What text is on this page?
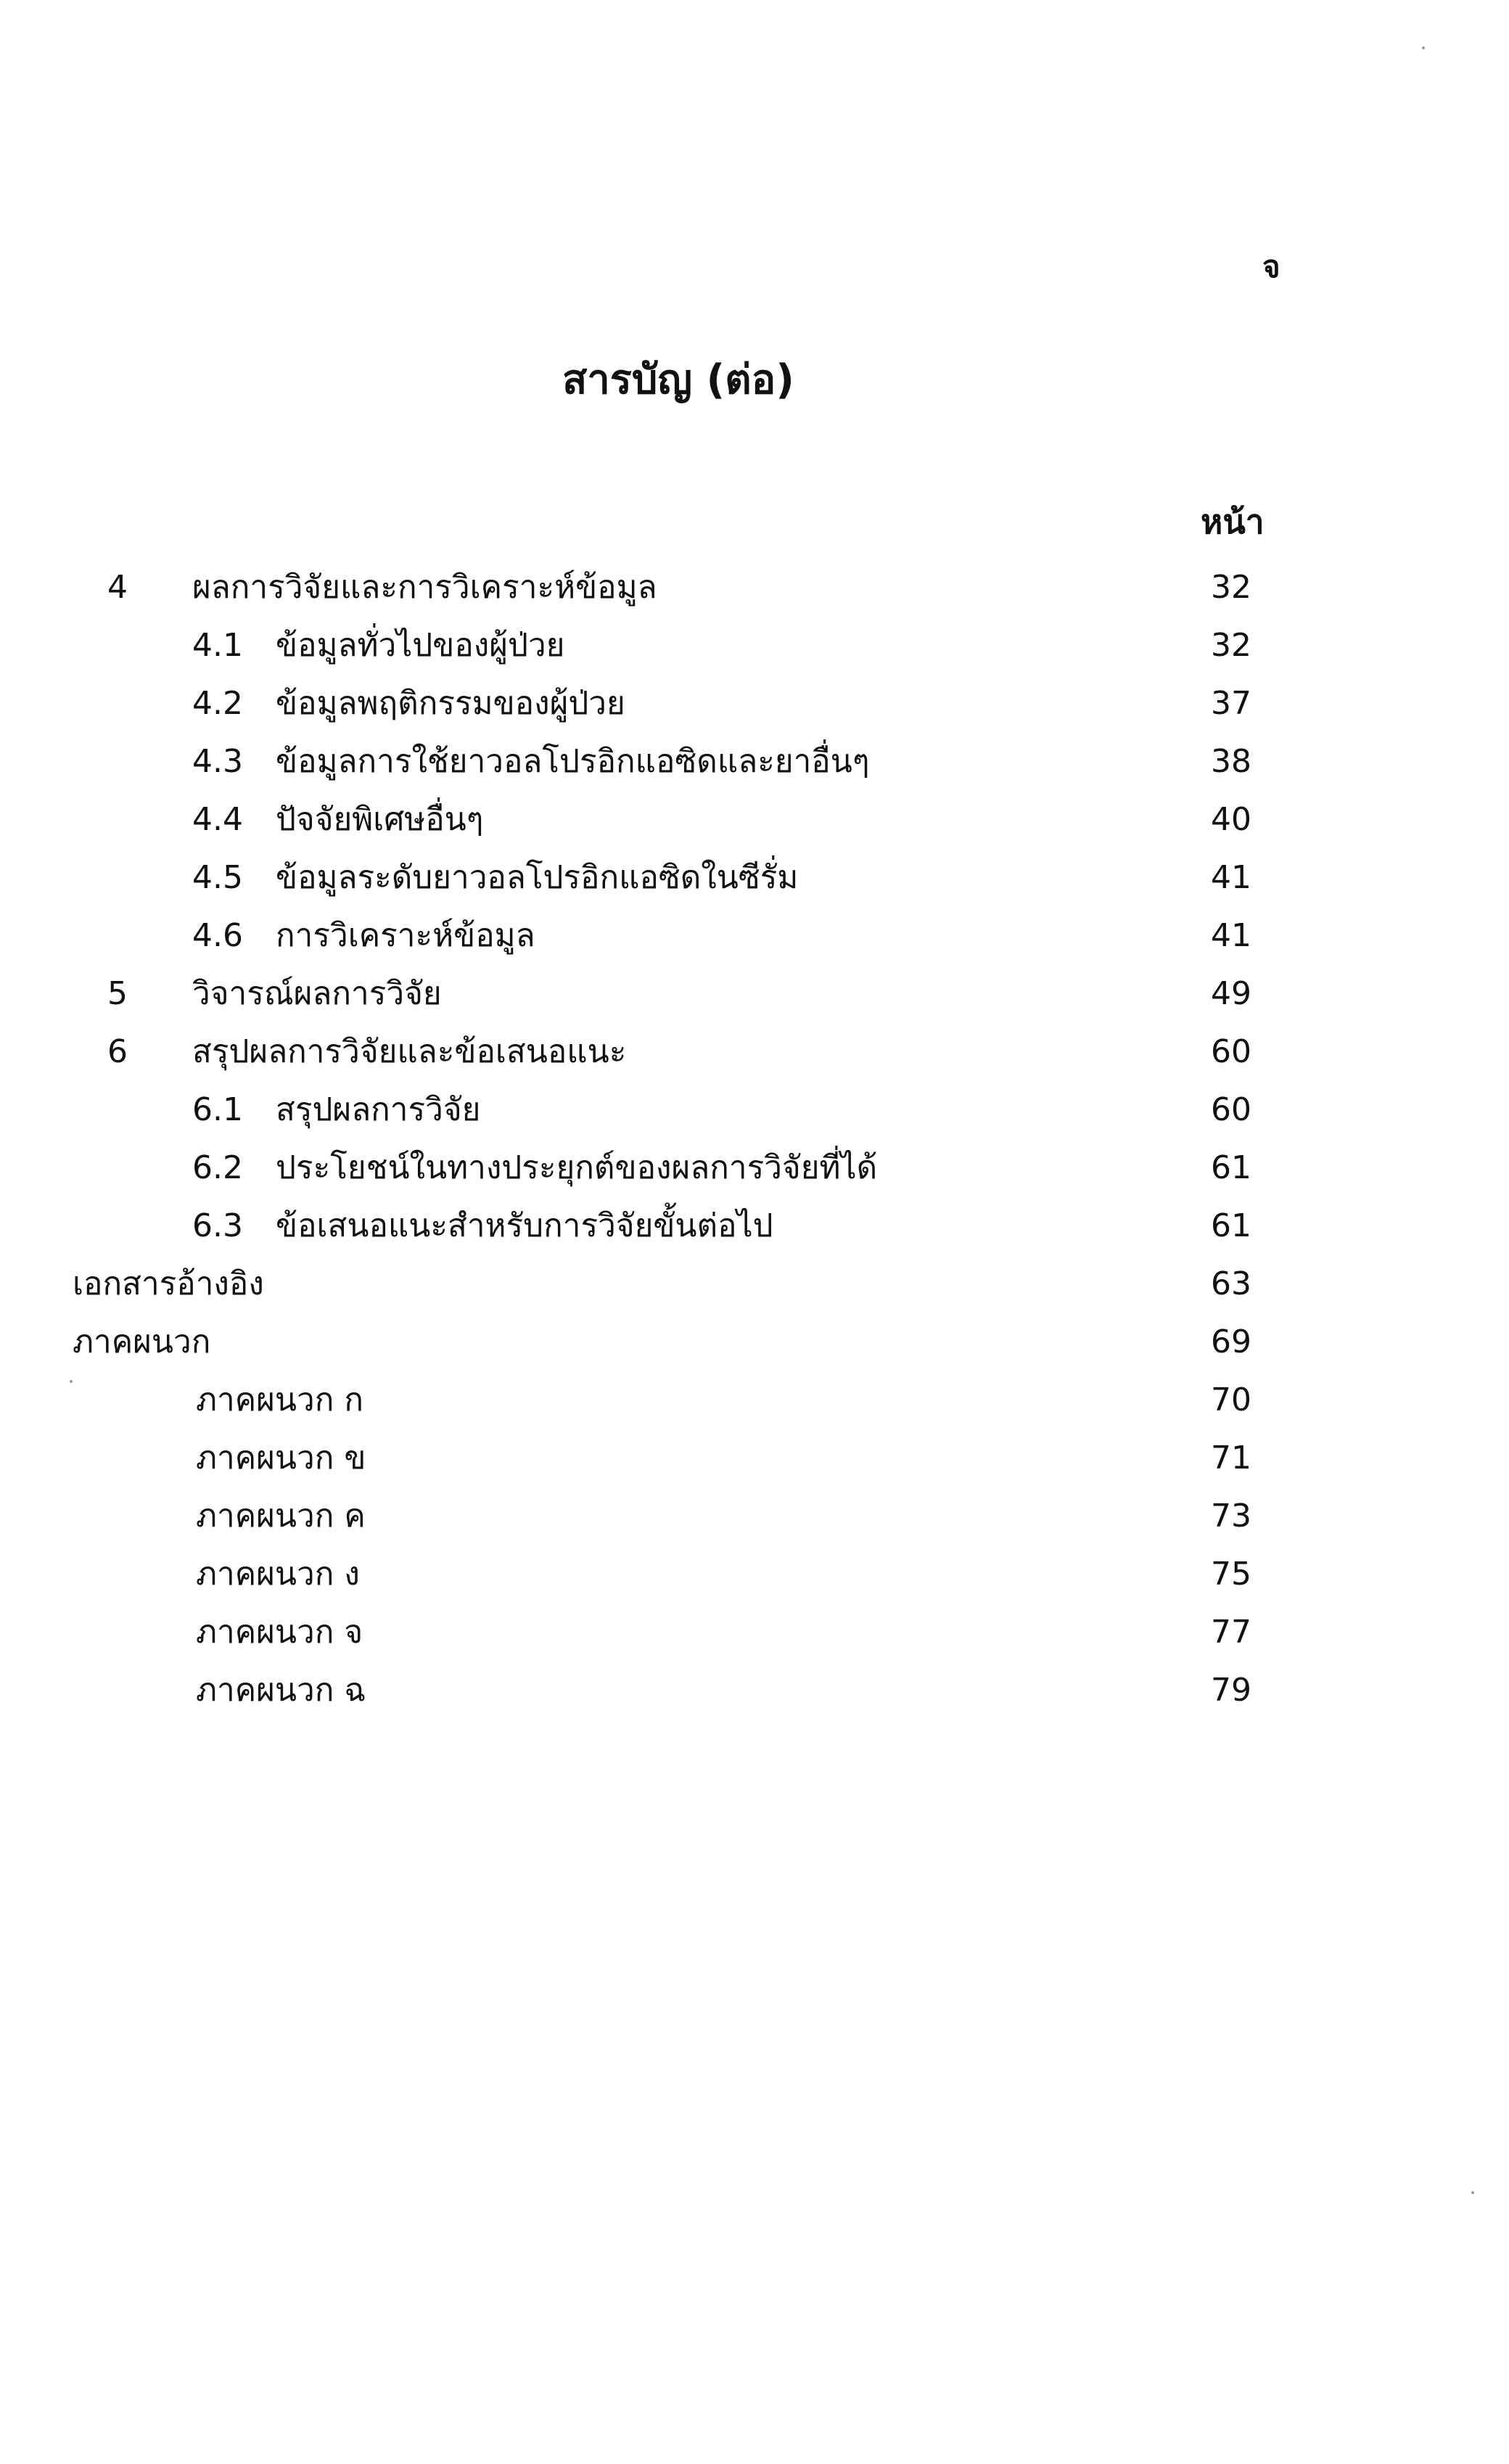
จ
สารบัญ (ต่อ)
หน้า
4 ผลการวิจัยและการวิเคราะห์ข้อมูล	32
4.1 ข้อมูลทั่วไปของผู้ป่วย	32
4.2 ข้อมูลพฤติกรรมของผู้ป่วย	37
4.3 ข้อมูลการใช้ยาวอลโปรอิกแอซิดและยาอื่นๆ	38
4.4 ปัจจัยพิเศษอื่นๆ	40
4.5 ข้อมูลระดับยาวอลโปรอิกแอซิดในซีรั่ม	41
4.6 การวิเคราะห์ข้อมูล	41
5 วิจารณ์ผลการวิจัย	49
6 สรุปผลการวิจัยและข้อเสนอแนะ	60
6.1 สรุปผลการวิจัย	60
6.2 ประโยชน์ในทางประยุกต์ของผลการวิจัยที่ได้	61
6.3 ข้อเสนอแนะสำหรับการวิจัยขั้นต่อไป	61
เอกสารอ้างอิง	63
ภาคผนวก	69
ภาคผนวก ก	70
ภาคผนวก ข	71
ภาคผนวก ค	73
ภาคผนวก ง	75
ภาคผนวก จ	77
ภาคผนวก ฉ	79
